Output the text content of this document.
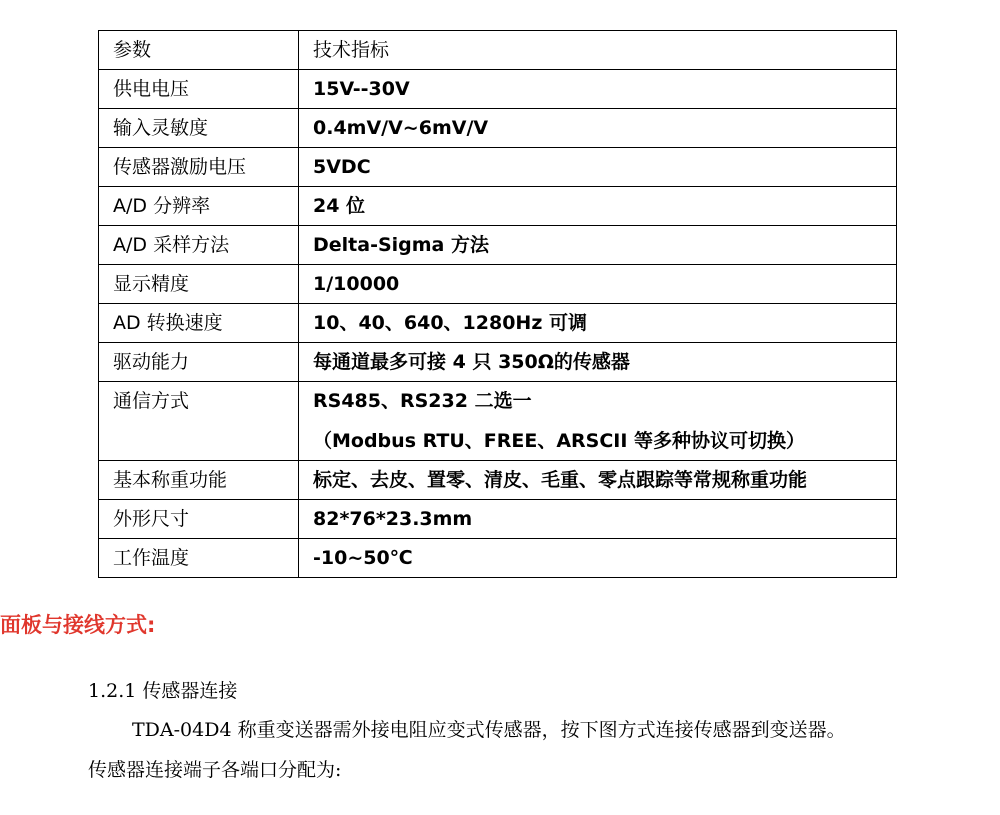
参数	技术指标
供电电压	15V--30V
输入灵敏度	0.4mV/V~6mV/V
传感器激励电压	5VDC
A/D 分辨率	24 位
A/D 采样方法	Delta-Sigma 方法
显示精度	1/10000
AD 转换速度	10、40、640、1280Hz 可调
驱动能力	每通道最多可接 4 只 350Ω的传感器
通信方式	RS485、RS232 二选一
（Modbus RTU、FREE、ARSCII 等多种协议可切换）

基本称重功能	标定、去皮、置零、清皮、毛重、零点跟踪等常规称重功能
外形尺寸	82*76*23.3mm
工作温度	-10~50℃
面板与接线方式:
1.2.1 传感器连接
TDA-04D4 称重变送器需外接电阻应变式传感器，按下图方式连接传感器到变送器。
传感器连接端子各端口分配为:
